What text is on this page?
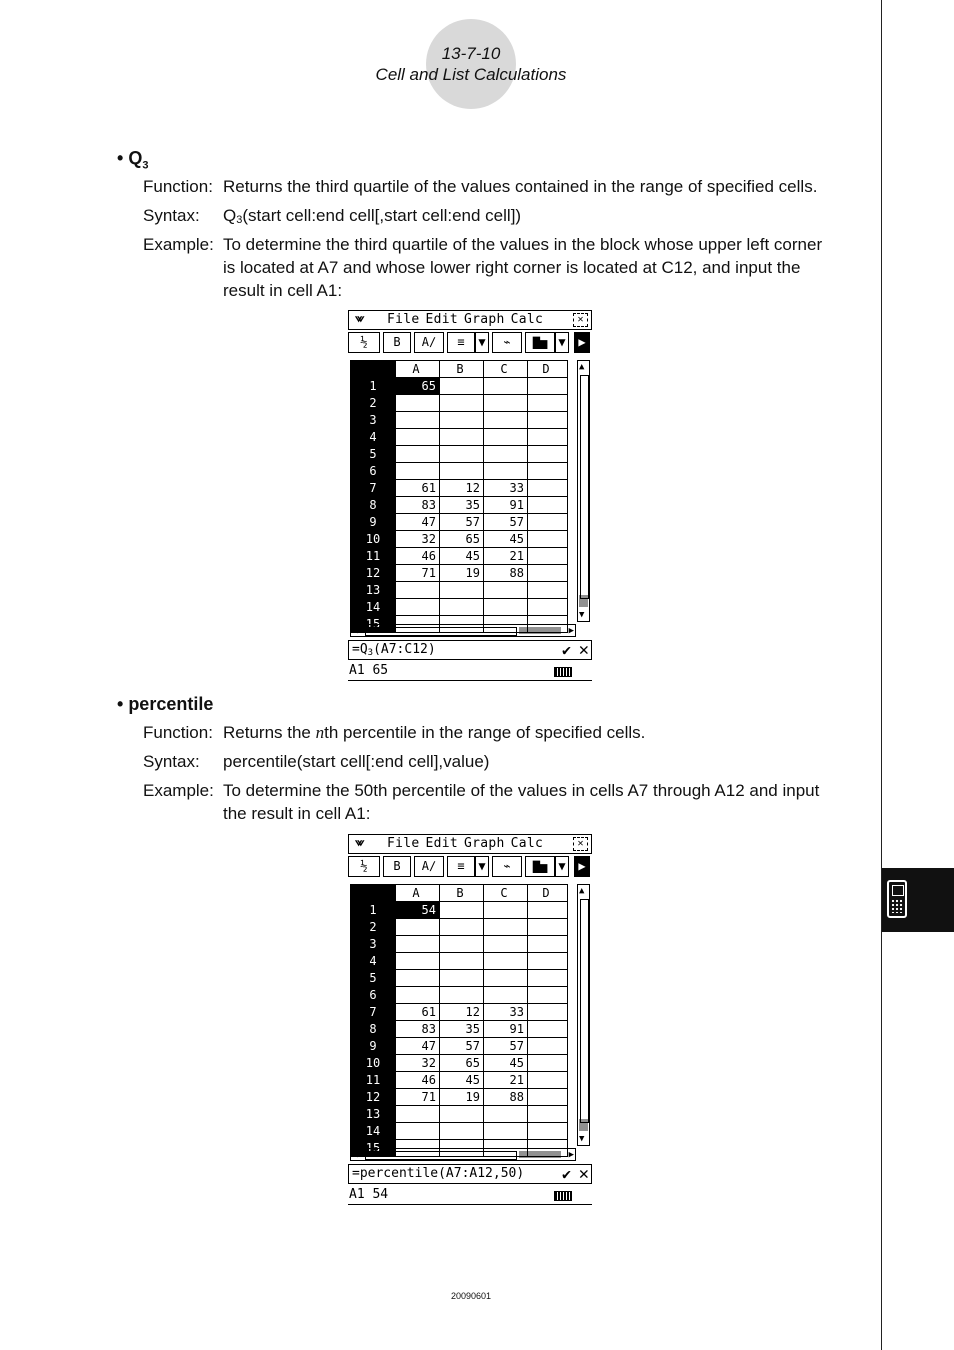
13-7-10
Cell and List Calculations
• $Q_3$
Function: Returns the third quartile of the values contained in the range of specified cells.
Syntax: $Q_3(start$ cell:end cell[,start cell:end cell])
Example: To determine the third quartile of the values in the block whose upper left corner
is located at A7 and whose lower right corner is located at C12, and input the
result in cell A1:
⩖ File Edit Graph Calc	✕
½	B	A∕	≡	▼	⌁	▇▅ ▼	▶
	A	B	C	D
1	65			
2				
3				
4				
5				
6				
7	61	12	33	
8	83	35	91	
9	47	57	57	
10	32	65	45	
11	46	45	21	
12	71	19	88	
13				
14				
15				
▲
▼
◀	▶
$=Q_3(A7:C12)$	✔ ✕
A1 65
• percentile
Function: Returns the nth percentile in the range of specified cells.
Syntax: percentile(start cell[:end cell],value)
Example: To determine the 50th percentile of the values in cells A7 through A12 and input
the result in cell A1:
⩖ File Edit Graph Calc	✕
½	B	A∕	≡	▼	⌁	▇▅ ▼	▶
	A	B	C	D
1	54			
2				
3				
4				
5				
6				
7	61	12	33	
8	83	35	91	
9	47	57	57	
10	32	65	45	
11	46	45	21	
12	71	19	88	
13				
14				
15				
▲
▼
◀	▶
=percentile(A7:A12,50)	✔ ✕
A1 54
20090601
